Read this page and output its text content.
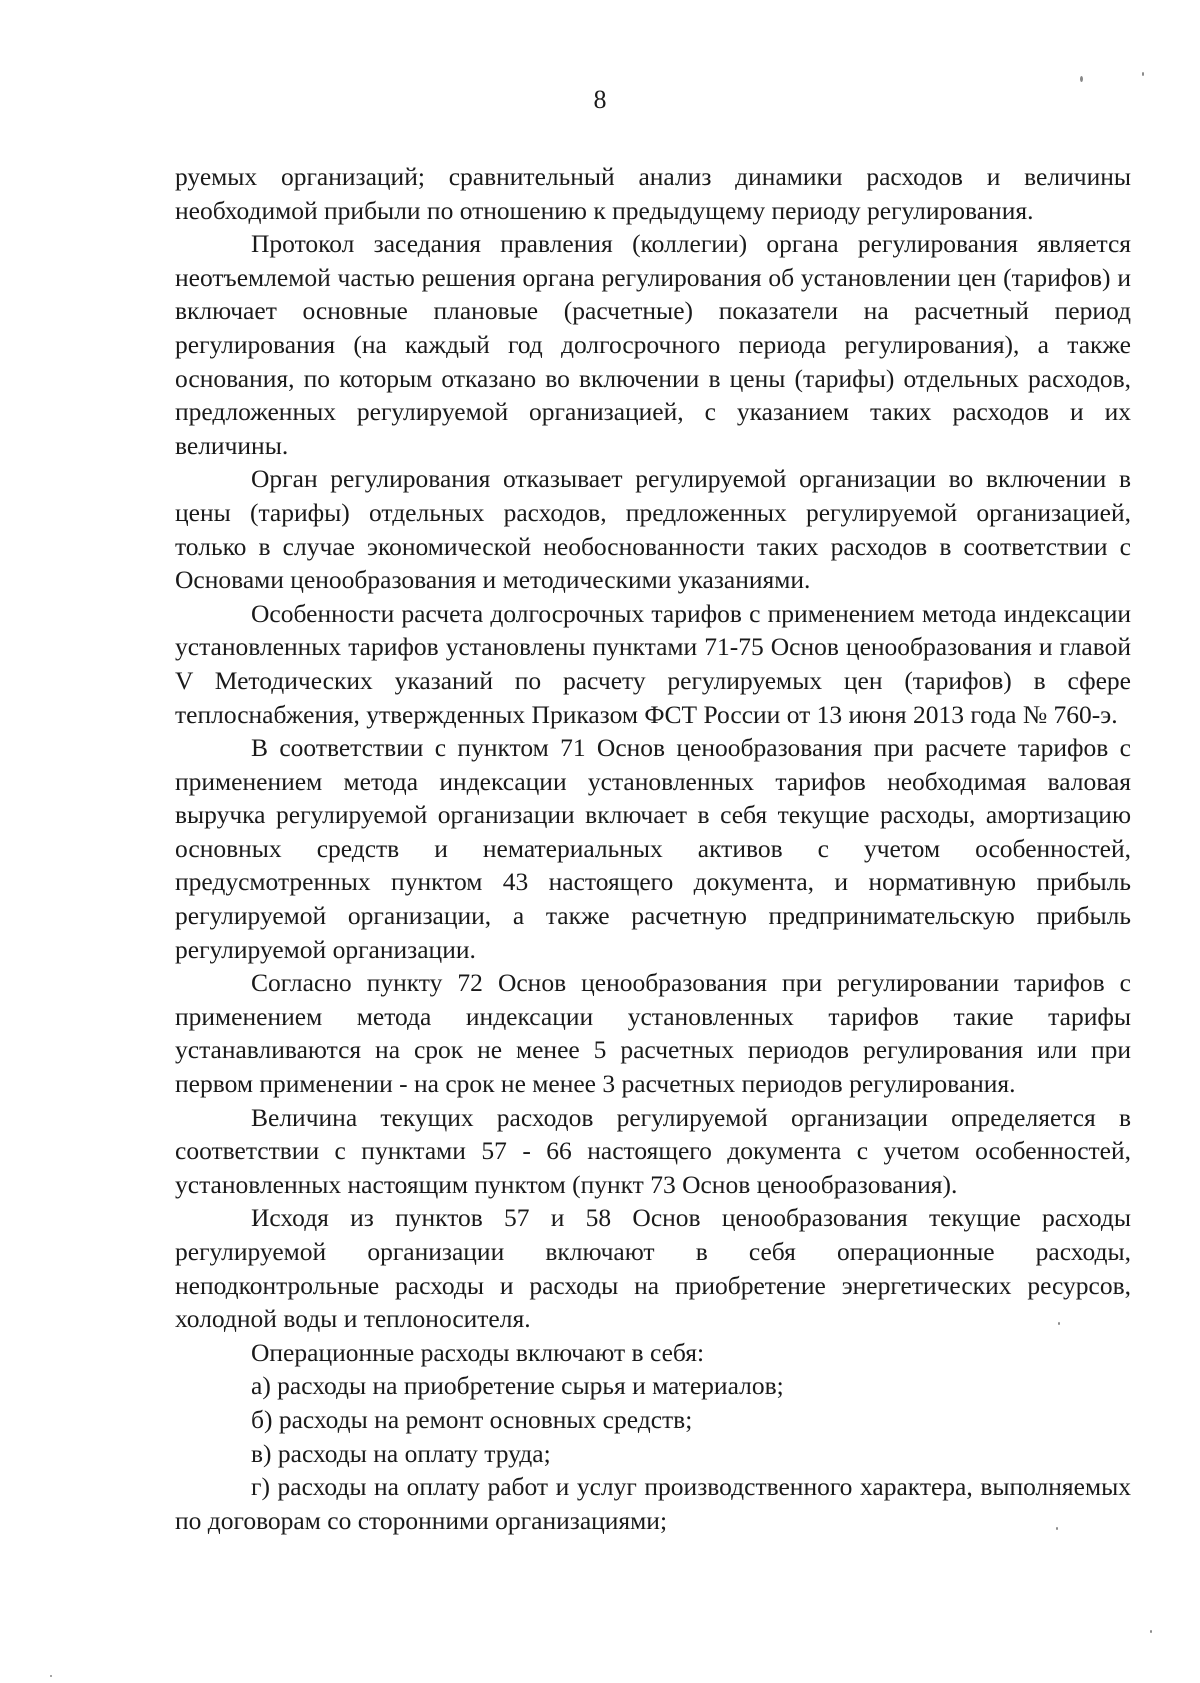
8

руемых организаций; сравнительный анализ динамики расходов и величины необходимой прибыли по отношению к предыдущему периоду регулирования.

Протокол заседания правления (коллегии) органа регулирования является неотъемлемой частью решения органа регулирования об установлении цен (тарифов) и включает основные плановые (расчетные) показатели на расчетный период регулирования (на каждый год долгосрочного периода регулирования), а также основания, по которым отказано во включении в цены (тарифы) отдельных расходов, предложенных регулируемой организацией, с указанием таких расходов и их величины.

Орган регулирования отказывает регулируемой организации во включении в цены (тарифы) отдельных расходов, предложенных регулируемой организацией, только в случае экономической необоснованности таких расходов в соответствии с Основами ценообразования и методическими указаниями.

Особенности расчета долгосрочных тарифов с применением метода индексации установленных тарифов установлены пунктами 71-75 Основ ценообразования и главой V Методических указаний по расчету регулируемых цен (тарифов) в сфере теплоснабжения, утвержденных Приказом ФСТ России от 13 июня 2013 года № 760-э.

В соответствии с пунктом 71 Основ ценообразования при расчете тарифов с применением метода индексации установленных тарифов необходимая валовая выручка регулируемой организации включает в себя текущие расходы, амортизацию основных средств и нематериальных активов с учетом особенностей, предусмотренных пунктом 43 настоящего документа, и нормативную прибыль регулируемой организации, а также расчетную предпринимательскую прибыль регулируемой организации.

Согласно пункту 72 Основ ценообразования при регулировании тарифов с применением метода индексации установленных тарифов такие тарифы устанавливаются на срок не менее 5 расчетных периодов регулирования или при первом применении - на срок не менее 3 расчетных периодов регулирования.

Величина текущих расходов регулируемой организации определяется в соответствии с пунктами 57 - 66 настоящего документа с учетом особенностей, установленных настоящим пунктом (пункт 73 Основ ценообразования).

Исходя из пунктов 57 и 58 Основ ценообразования текущие расходы регулируемой организации включают в себя операционные расходы, неподконтрольные расходы и расходы на приобретение энергетических ресурсов, холодной воды и теплоносителя.

Операционные расходы включают в себя:

а) расходы на приобретение сырья и материалов;

б) расходы на ремонт основных средств;

в) расходы на оплату труда;

г) расходы на оплату работ и услуг производственного характера, выполняемых по договорам со сторонними организациями;
